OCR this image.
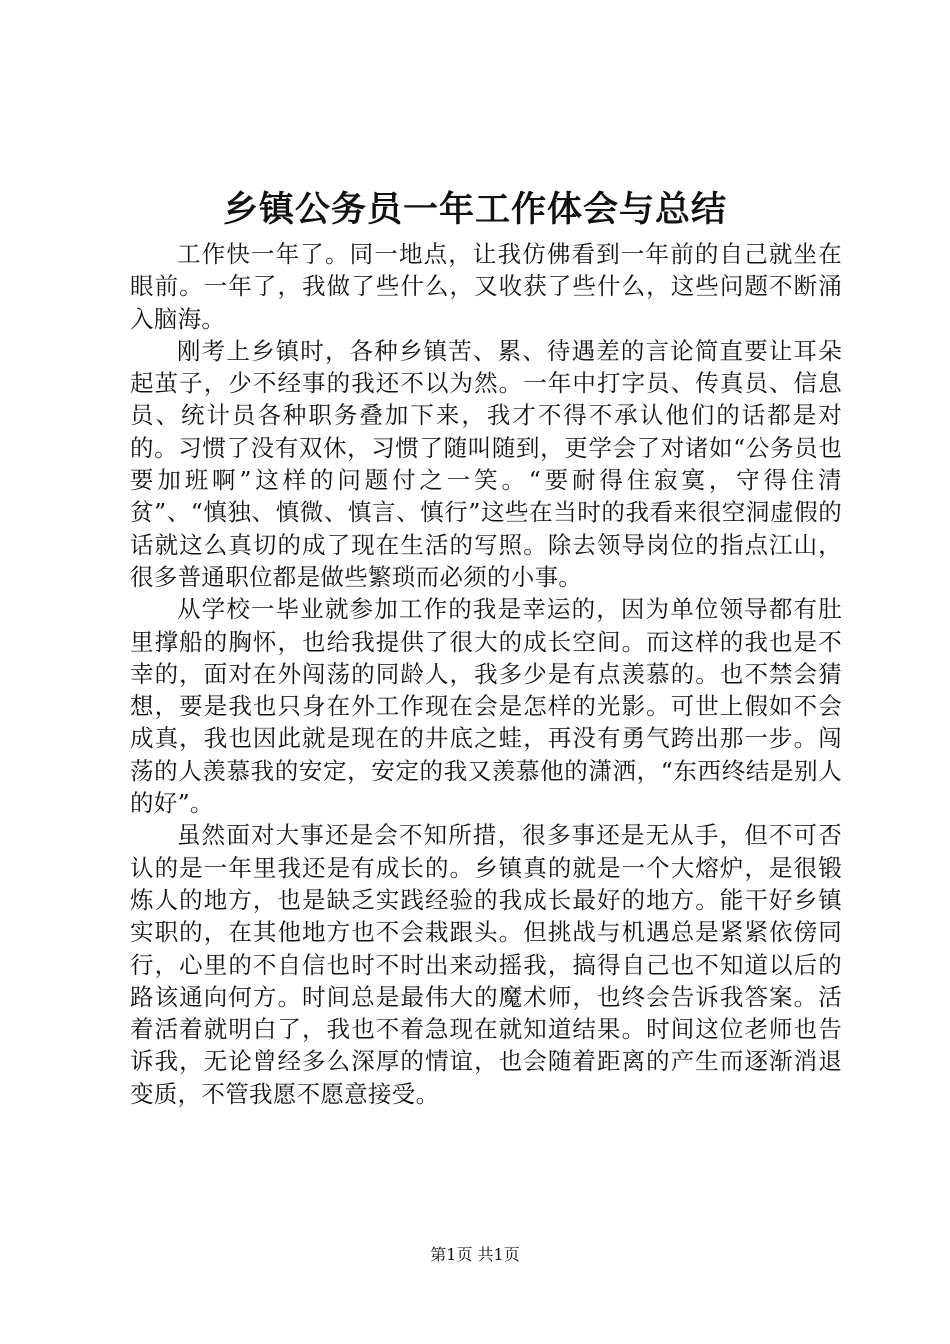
乡镇公务员一年工作体会与总结

工作快一年了。同一地点，让我仿佛看到一年前的自己就坐在眼前。一年了，我做了些什么，又收获了些什么，这些问题不断涌入脑海。

刚考上乡镇时，各种乡镇苦、累、待遇差的言论简直要让耳朵起茧子，少不经事的我还不以为然。一年中打字员、传真员、信息员、统计员各种职务叠加下来，我才不得不承认他们的话都是对的。习惯了没有双休，习惯了随叫随到，更学会了对诸如“公务员也要加班啊”这样的问题付之一笑。“要耐得住寂寞，守得住清贫”、“慎独、慎微、慎言、慎行”这些在当时的我看来很空洞虚假的话就这么真切的成了现在生活的写照。除去领导岗位的指点江山，很多普通职位都是做些繁琐而必须的小事。

从学校一毕业就参加工作的我是幸运的，因为单位领导都有肚里撑船的胸怀，也给我提供了很大的成长空间。而这样的我也是不幸的，面对在外闯荡的同龄人，我多少是有点羡慕的。也不禁会猜想，要是我也只身在外工作现在会是怎样的光影。可世上假如不会成真，我也因此就是现在的井底之蛙，再没有勇气跨出那一步。闯荡的人羡慕我的安定，安定的我又羡慕他的潇洒，“东西终结是别人的好”。

虽然面对大事还是会不知所措，很多事还是无从手，但不可否认的是一年里我还是有成长的。乡镇真的就是一个大熔炉，是很锻炼人的地方，也是缺乏实践经验的我成长最好的地方。能干好乡镇实职的，在其他地方也不会栽跟头。但挑战与机遇总是紧紧依傍同行，心里的不自信也时不时出来动摇我，搞得自己也不知道以后的路该通向何方。时间总是最伟大的魔术师，也终会告诉我答案。活着活着就明白了，我也不着急现在就知道结果。时间这位老师也告诉我，无论曾经多么深厚的情谊，也会随着距离的产生而逐渐消退变质，不管我愿不愿意接受。

第1页 共1页
